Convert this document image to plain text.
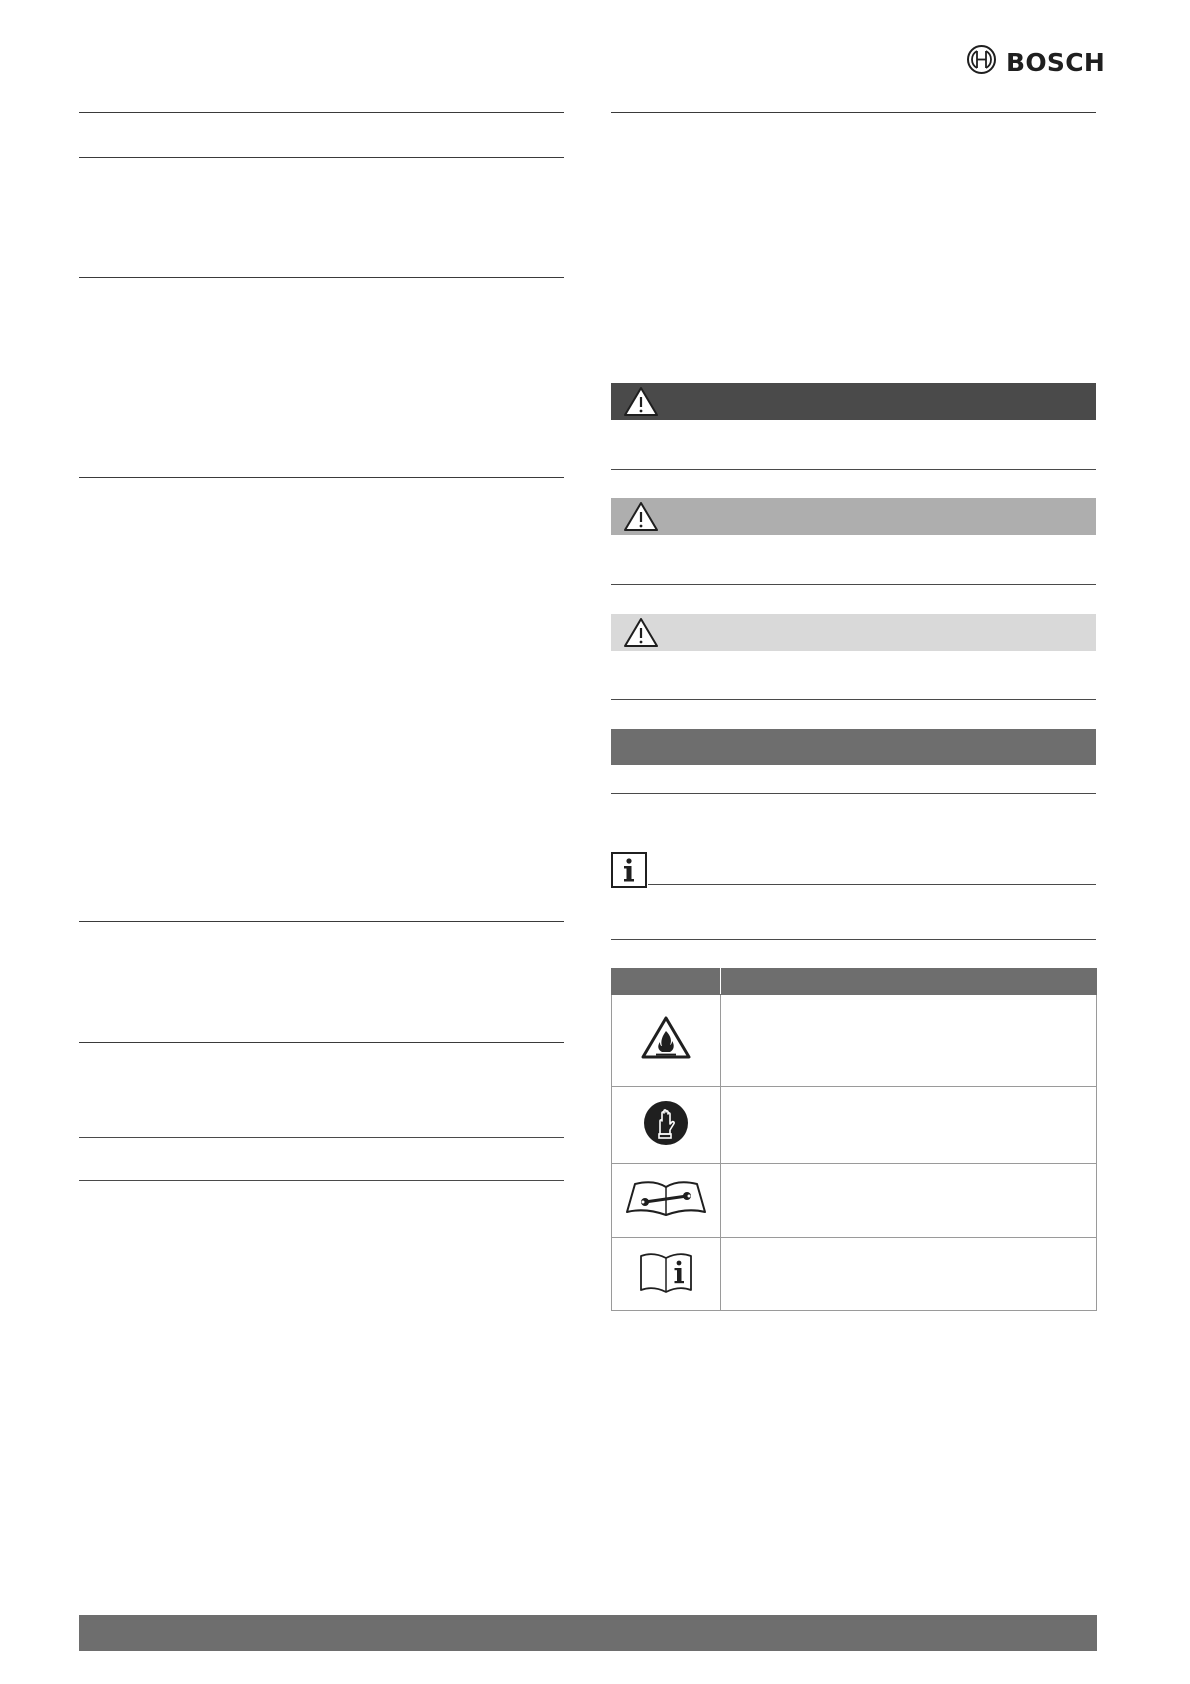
BOSCH
